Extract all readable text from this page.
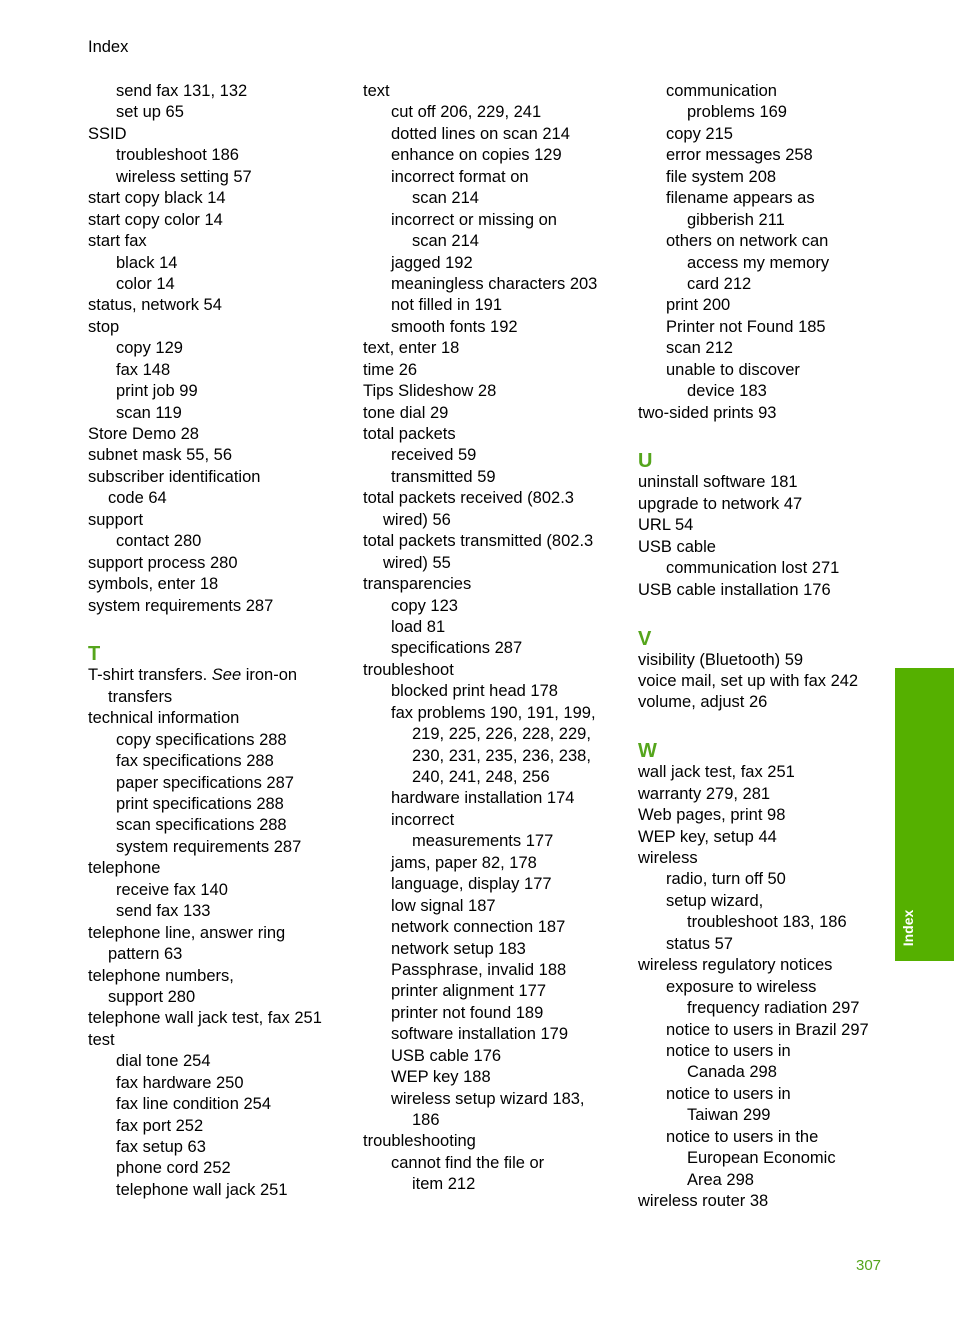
Index
send fax 131, 132
set up 65
SSID
troubleshoot 186
wireless setting 57
start copy black 14
start copy color 14
start fax
black 14
color 14
status, network 54
stop
copy 129
fax 148
print job 99
scan 119
Store Demo 28
subnet mask 55, 56
subscriber identification
code 64
support
contact 280
support process 280
symbols, enter 18
system requirements 287
T
T-shirt transfers. See iron-on
transfers
technical information
copy specifications 288
fax specifications 288
paper specifications 287
print specifications 288
scan specifications 288
system requirements 287
telephone
receive fax 140
send fax 133
telephone line, answer ring
pattern 63
telephone numbers,
support 280
telephone wall jack test, fax 251
test
dial tone 254
fax hardware 250
fax line condition 254
fax port 252
fax setup 63
phone cord 252
telephone wall jack 251
text
cut off 206, 229, 241
dotted lines on scan 214
enhance on copies 129
incorrect format on
scan 214
incorrect or missing on
scan 214
jagged 192
meaningless characters 203
not filled in 191
smooth fonts 192
text, enter 18
time 26
Tips Slideshow 28
tone dial 29
total packets
received 59
transmitted 59
total packets received (802.3
wired) 56
total packets transmitted (802.3
wired) 55
transparencies
copy 123
load 81
specifications 287
troubleshoot
blocked print head 178
fax problems 190, 191, 199,
219, 225, 226, 228, 229,
230, 231, 235, 236, 238,
240, 241, 248, 256
hardware installation 174
incorrect
measurements 177
jams, paper 82, 178
language, display 177
low signal 187
network connection 187
network setup 183
Passphrase, invalid 188
printer alignment 177
printer not found 189
software installation 179
USB cable 176
WEP key 188
wireless setup wizard 183,
186
troubleshooting
cannot find the file or
item 212
communication
problems 169
copy 215
error messages 258
file system 208
filename appears as
gibberish 211
others on network can
access my memory
card 212
print 200
Printer not Found 185
scan 212
unable to discover
device 183
two-sided prints 93
U
uninstall software 181
upgrade to network 47
URL 54
USB cable
communication lost 271
USB cable installation 176
V
visibility (Bluetooth) 59
voice mail, set up with fax 242
volume, adjust 26
W
wall jack test, fax 251
warranty 279, 281
Web pages, print 98
WEP key, setup 44
wireless
radio, turn off 50
setup wizard,
troubleshoot 183, 186
status 57
wireless regulatory notices
exposure to wireless
frequency radiation 297
notice to users in Brazil 297
notice to users in
Canada 298
notice to users in
Taiwan 299
notice to users in the
European Economic
Area 298
wireless router 38
Index
307
